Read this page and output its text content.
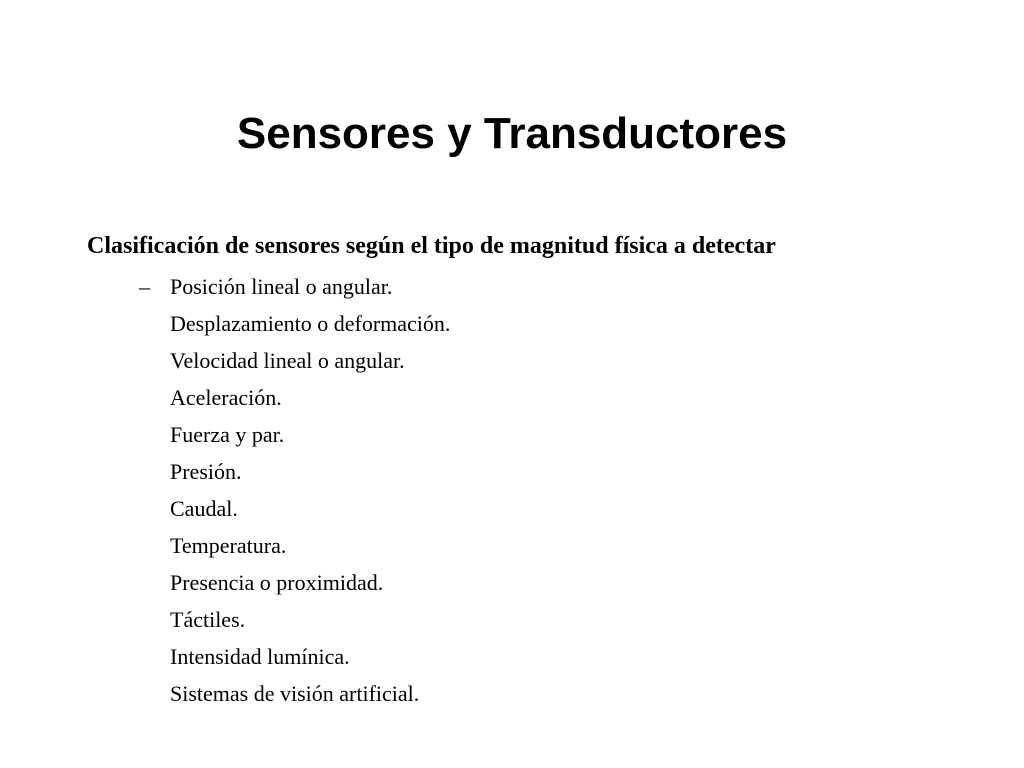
Sensores y Transductores

Clasificación de sensores según el tipo de magnitud física a detectar

– Posición lineal o angular.
Desplazamiento o deformación.
Velocidad lineal o angular.
Aceleración.
Fuerza y par.
Presión.
Caudal.
Temperatura.
Presencia o proximidad.
Táctiles.
Intensidad lumínica.
Sistemas de visión artificial.
